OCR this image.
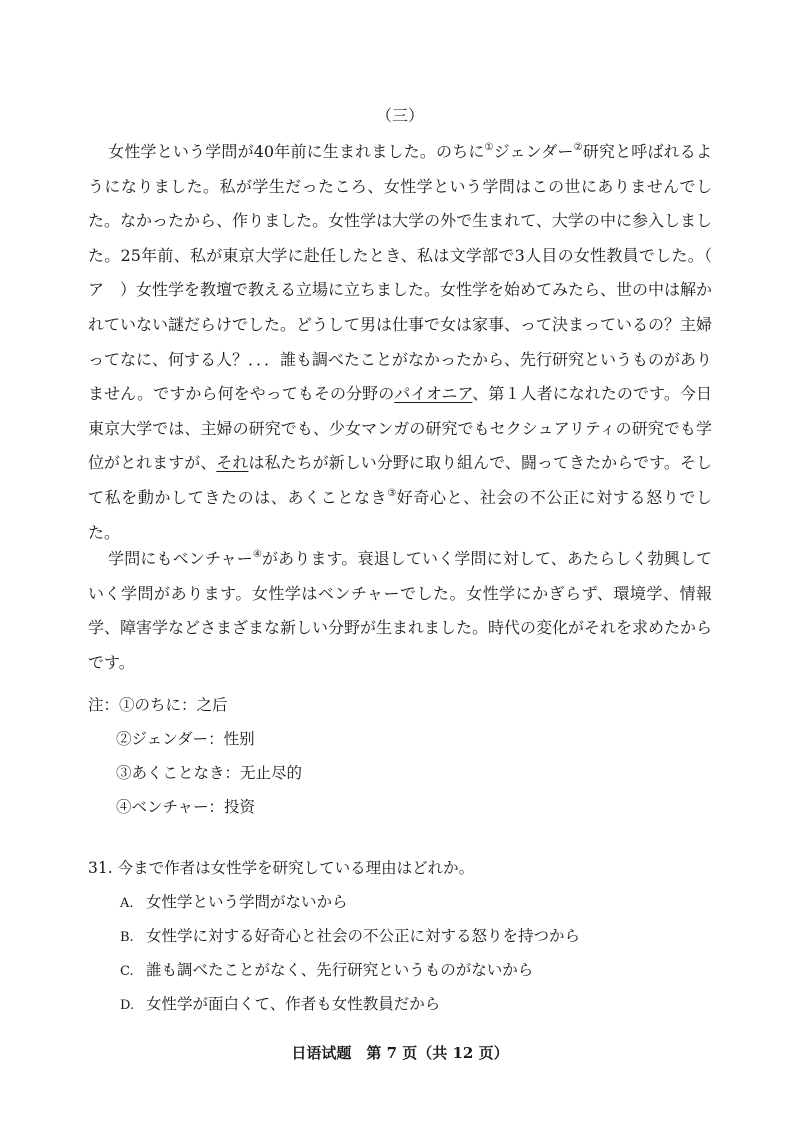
（三）
女性学という学問が40年前に生まれました。のちに①ジェンダー②研究と呼ばれるようになりました。私が学生だったころ、女性学という学問はこの世にありませんでした。なかったから、作りました。女性学は大学の外で生まれて、大学の中に参入しました。25年前、私が東京大学に赴任したとき、私は文学部で3人目の女性教員でした。（　ア　）女性学を教壇で教える立場に立ちました。女性学を始めてみたら、世の中は解かれていない謎だらけでした。どうして男は仕事で女は家事、って決まっているの？主婦ってなに、何する人？．．．誰も調べたことがなかったから、先行研究というものがありません。ですから何をやってもその分野のパイオニア、第１人者になれたのです。今日東京大学では、主婦の研究でも、少女マンガの研究でもセクシュアリティの研究でも学位がとれますが、それは私たちが新しい分野に取り組んで、闘ってきたからです。そして私を動かしてきたのは、あくことなき③好奇心と、社会の不公正に対する怒りでした。
学問にもベンチャー④があります。衰退していく学問に対して、あたらしく勃興していく学問があります。女性学はベンチャーでした。女性学にかぎらず、環境学、情報学、障害学などさまざまな新しい分野が生まれました。時代の変化がそれを求めたからです。
注：①のちに：之后
②ジェンダー：性别
③あくことなき：无止尽的
④ベンチャー：投资
31. 今まで作者は女性学を研究している理由はどれか。
A. 女性学という学問がないから
B. 女性学に対する好奇心と社会の不公正に対する怒りを持つから
C. 誰も調べたことがなく、先行研究というものがないから
D. 女性学が面白くて、作者も女性教員だから
日语试题　第 7 页（共 12 页）
